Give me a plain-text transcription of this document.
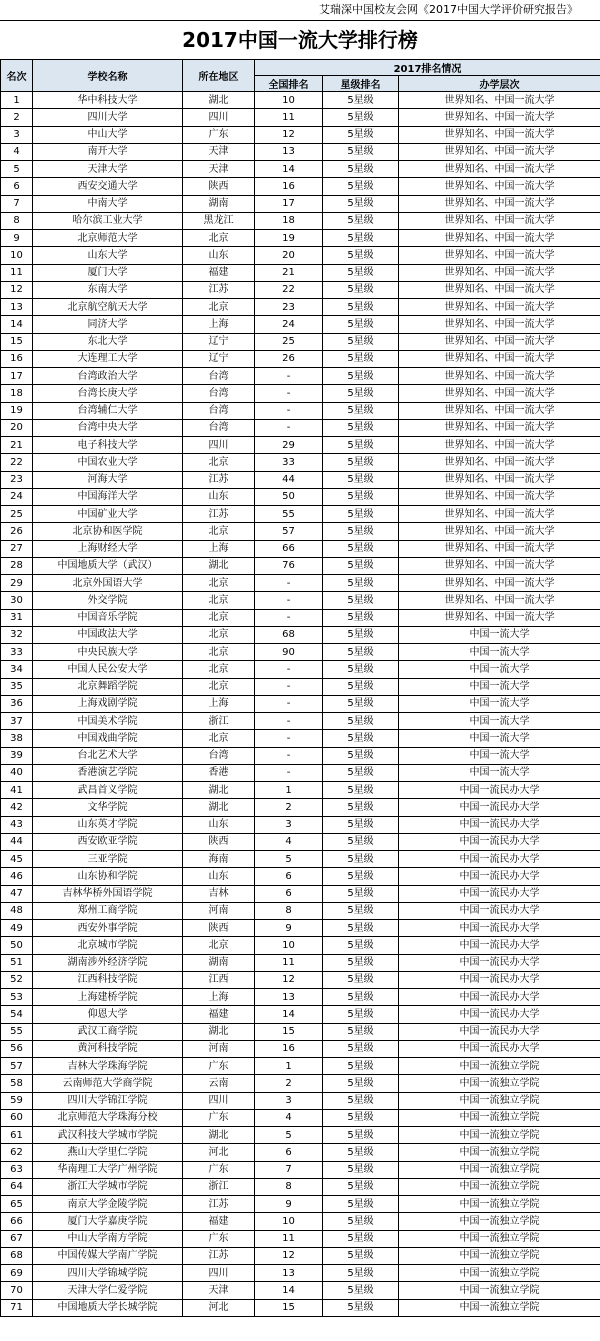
艾瑞深中国校友会网《2017中国大学评价研究报告》
2017中国一流大学排行榜
名次	学校名称	所在地区	2017排名情况		
			全国排名	星级排名	办学层次
1	华中科技大学	湖北	10	5星级	世界知名、中国一流大学
2	四川大学	四川	11	5星级	世界知名、中国一流大学
3	中山大学	广东	12	5星级	世界知名、中国一流大学
4	南开大学	天津	13	5星级	世界知名、中国一流大学
5	天津大学	天津	14	5星级	世界知名、中国一流大学
6	西安交通大学	陕西	16	5星级	世界知名、中国一流大学
7	中南大学	湖南	17	5星级	世界知名、中国一流大学
8	哈尔滨工业大学	黑龙江	18	5星级	世界知名、中国一流大学
9	北京师范大学	北京	19	5星级	世界知名、中国一流大学
10	山东大学	山东	20	5星级	世界知名、中国一流大学
11	厦门大学	福建	21	5星级	世界知名、中国一流大学
12	东南大学	江苏	22	5星级	世界知名、中国一流大学
13	北京航空航天大学	北京	23	5星级	世界知名、中国一流大学
14	同济大学	上海	24	5星级	世界知名、中国一流大学
15	东北大学	辽宁	25	5星级	世界知名、中国一流大学
16	大连理工大学	辽宁	26	5星级	世界知名、中国一流大学
17	台湾政治大学	台湾	-	5星级	世界知名、中国一流大学
18	台湾长庚大学	台湾	-	5星级	世界知名、中国一流大学
19	台湾辅仁大学	台湾	-	5星级	世界知名、中国一流大学
20	台湾中央大学	台湾	-	5星级	世界知名、中国一流大学
21	电子科技大学	四川	29	5星级	世界知名、中国一流大学
22	中国农业大学	北京	33	5星级	世界知名、中国一流大学
23	河海大学	江苏	44	5星级	世界知名、中国一流大学
24	中国海洋大学	山东	50	5星级	世界知名、中国一流大学
25	中国矿业大学	江苏	55	5星级	世界知名、中国一流大学
26	北京协和医学院	北京	57	5星级	世界知名、中国一流大学
27	上海财经大学	上海	66	5星级	世界知名、中国一流大学
28	中国地质大学（武汉）	湖北	76	5星级	世界知名、中国一流大学
29	北京外国语大学	北京	-	5星级	世界知名、中国一流大学
30	外交学院	北京	-	5星级	世界知名、中国一流大学
31	中国音乐学院	北京	-	5星级	世界知名、中国一流大学
32	中国政法大学	北京	68	5星级	中国一流大学
33	中央民族大学	北京	90	5星级	中国一流大学
34	中国人民公安大学	北京	-	5星级	中国一流大学
35	北京舞蹈学院	北京	-	5星级	中国一流大学
36	上海戏剧学院	上海	-	5星级	中国一流大学
37	中国美术学院	浙江	-	5星级	中国一流大学
38	中国戏曲学院	北京	-	5星级	中国一流大学
39	台北艺术大学	台湾	-	5星级	中国一流大学
40	香港演艺学院	香港	-	5星级	中国一流大学
41	武昌首义学院	湖北	1	5星级	中国一流民办大学
42	文华学院	湖北	2	5星级	中国一流民办大学
43	山东英才学院	山东	3	5星级	中国一流民办大学
44	西安欧亚学院	陕西	4	5星级	中国一流民办大学
45	三亚学院	海南	5	5星级	中国一流民办大学
46	山东协和学院	山东	6	5星级	中国一流民办大学
47	吉林华桥外国语学院	吉林	6	5星级	中国一流民办大学
48	郑州工商学院	河南	8	5星级	中国一流民办大学
49	西安外事学院	陕西	9	5星级	中国一流民办大学
50	北京城市学院	北京	10	5星级	中国一流民办大学
51	湖南涉外经济学院	湖南	11	5星级	中国一流民办大学
52	江西科技学院	江西	12	5星级	中国一流民办大学
53	上海建桥学院	上海	13	5星级	中国一流民办大学
54	仰恩大学	福建	14	5星级	中国一流民办大学
55	武汉工商学院	湖北	15	5星级	中国一流民办大学
56	黄河科技学院	河南	16	5星级	中国一流民办大学
57	吉林大学珠海学院	广东	1	5星级	中国一流独立学院
58	云南师范大学商学院	云南	2	5星级	中国一流独立学院
59	四川大学锦江学院	四川	3	5星级	中国一流独立学院
60	北京师范大学珠海分校	广东	4	5星级	中国一流独立学院
61	武汉科技大学城市学院	湖北	5	5星级	中国一流独立学院
62	燕山大学里仁学院	河北	6	5星级	中国一流独立学院
63	华南理工大学广州学院	广东	7	5星级	中国一流独立学院
64	浙江大学城市学院	浙江	8	5星级	中国一流独立学院
65	南京大学金陵学院	江苏	9	5星级	中国一流独立学院
66	厦门大学嘉庚学院	福建	10	5星级	中国一流独立学院
67	中山大学南方学院	广东	11	5星级	中国一流独立学院
68	中国传媒大学南广学院	江苏	12	5星级	中国一流独立学院
69	四川大学锦城学院	四川	13	5星级	中国一流独立学院
70	天津大学仁爱学院	天津	14	5星级	中国一流独立学院
71	中国地质大学长城学院	河北	15	5星级	中国一流独立学院
